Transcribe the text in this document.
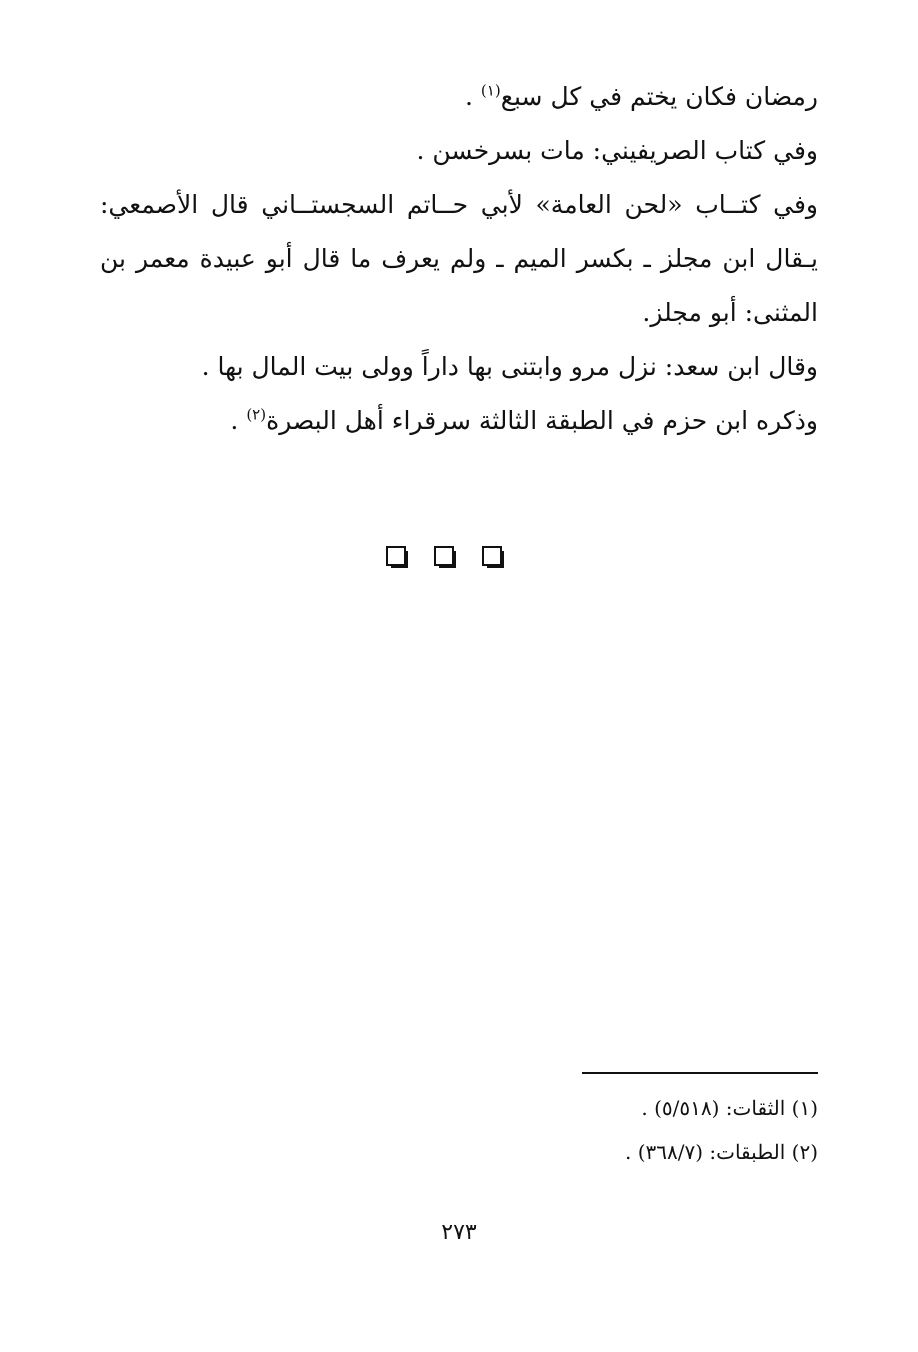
رمضان فكان يختم في كل سبع$^{(١)}$ .

وفي كتاب الصريفيني: مات بسرخسن .

وفي كتــاب «لحن العامة» لأبي حــاتم السجستــاني قال الأصمعي: يـقال ابن مجلز ـ بكسر الميم ـ ولم يعرف ما قال أبو عبيدة معمر بن المثنى: أبو مجلز.

وقال ابن سعد: نزل مرو وابتنى بها داراً وولى بيت المال بها .

وذكره ابن حزم في الطبقة الثالثة سرقراء أهل البصرة$^{(٢)}$ .

(١) الثقات: (٥/٥١٨) .

(٢) الطبقات: (٣٦٨/٧) .

٢٧٣
